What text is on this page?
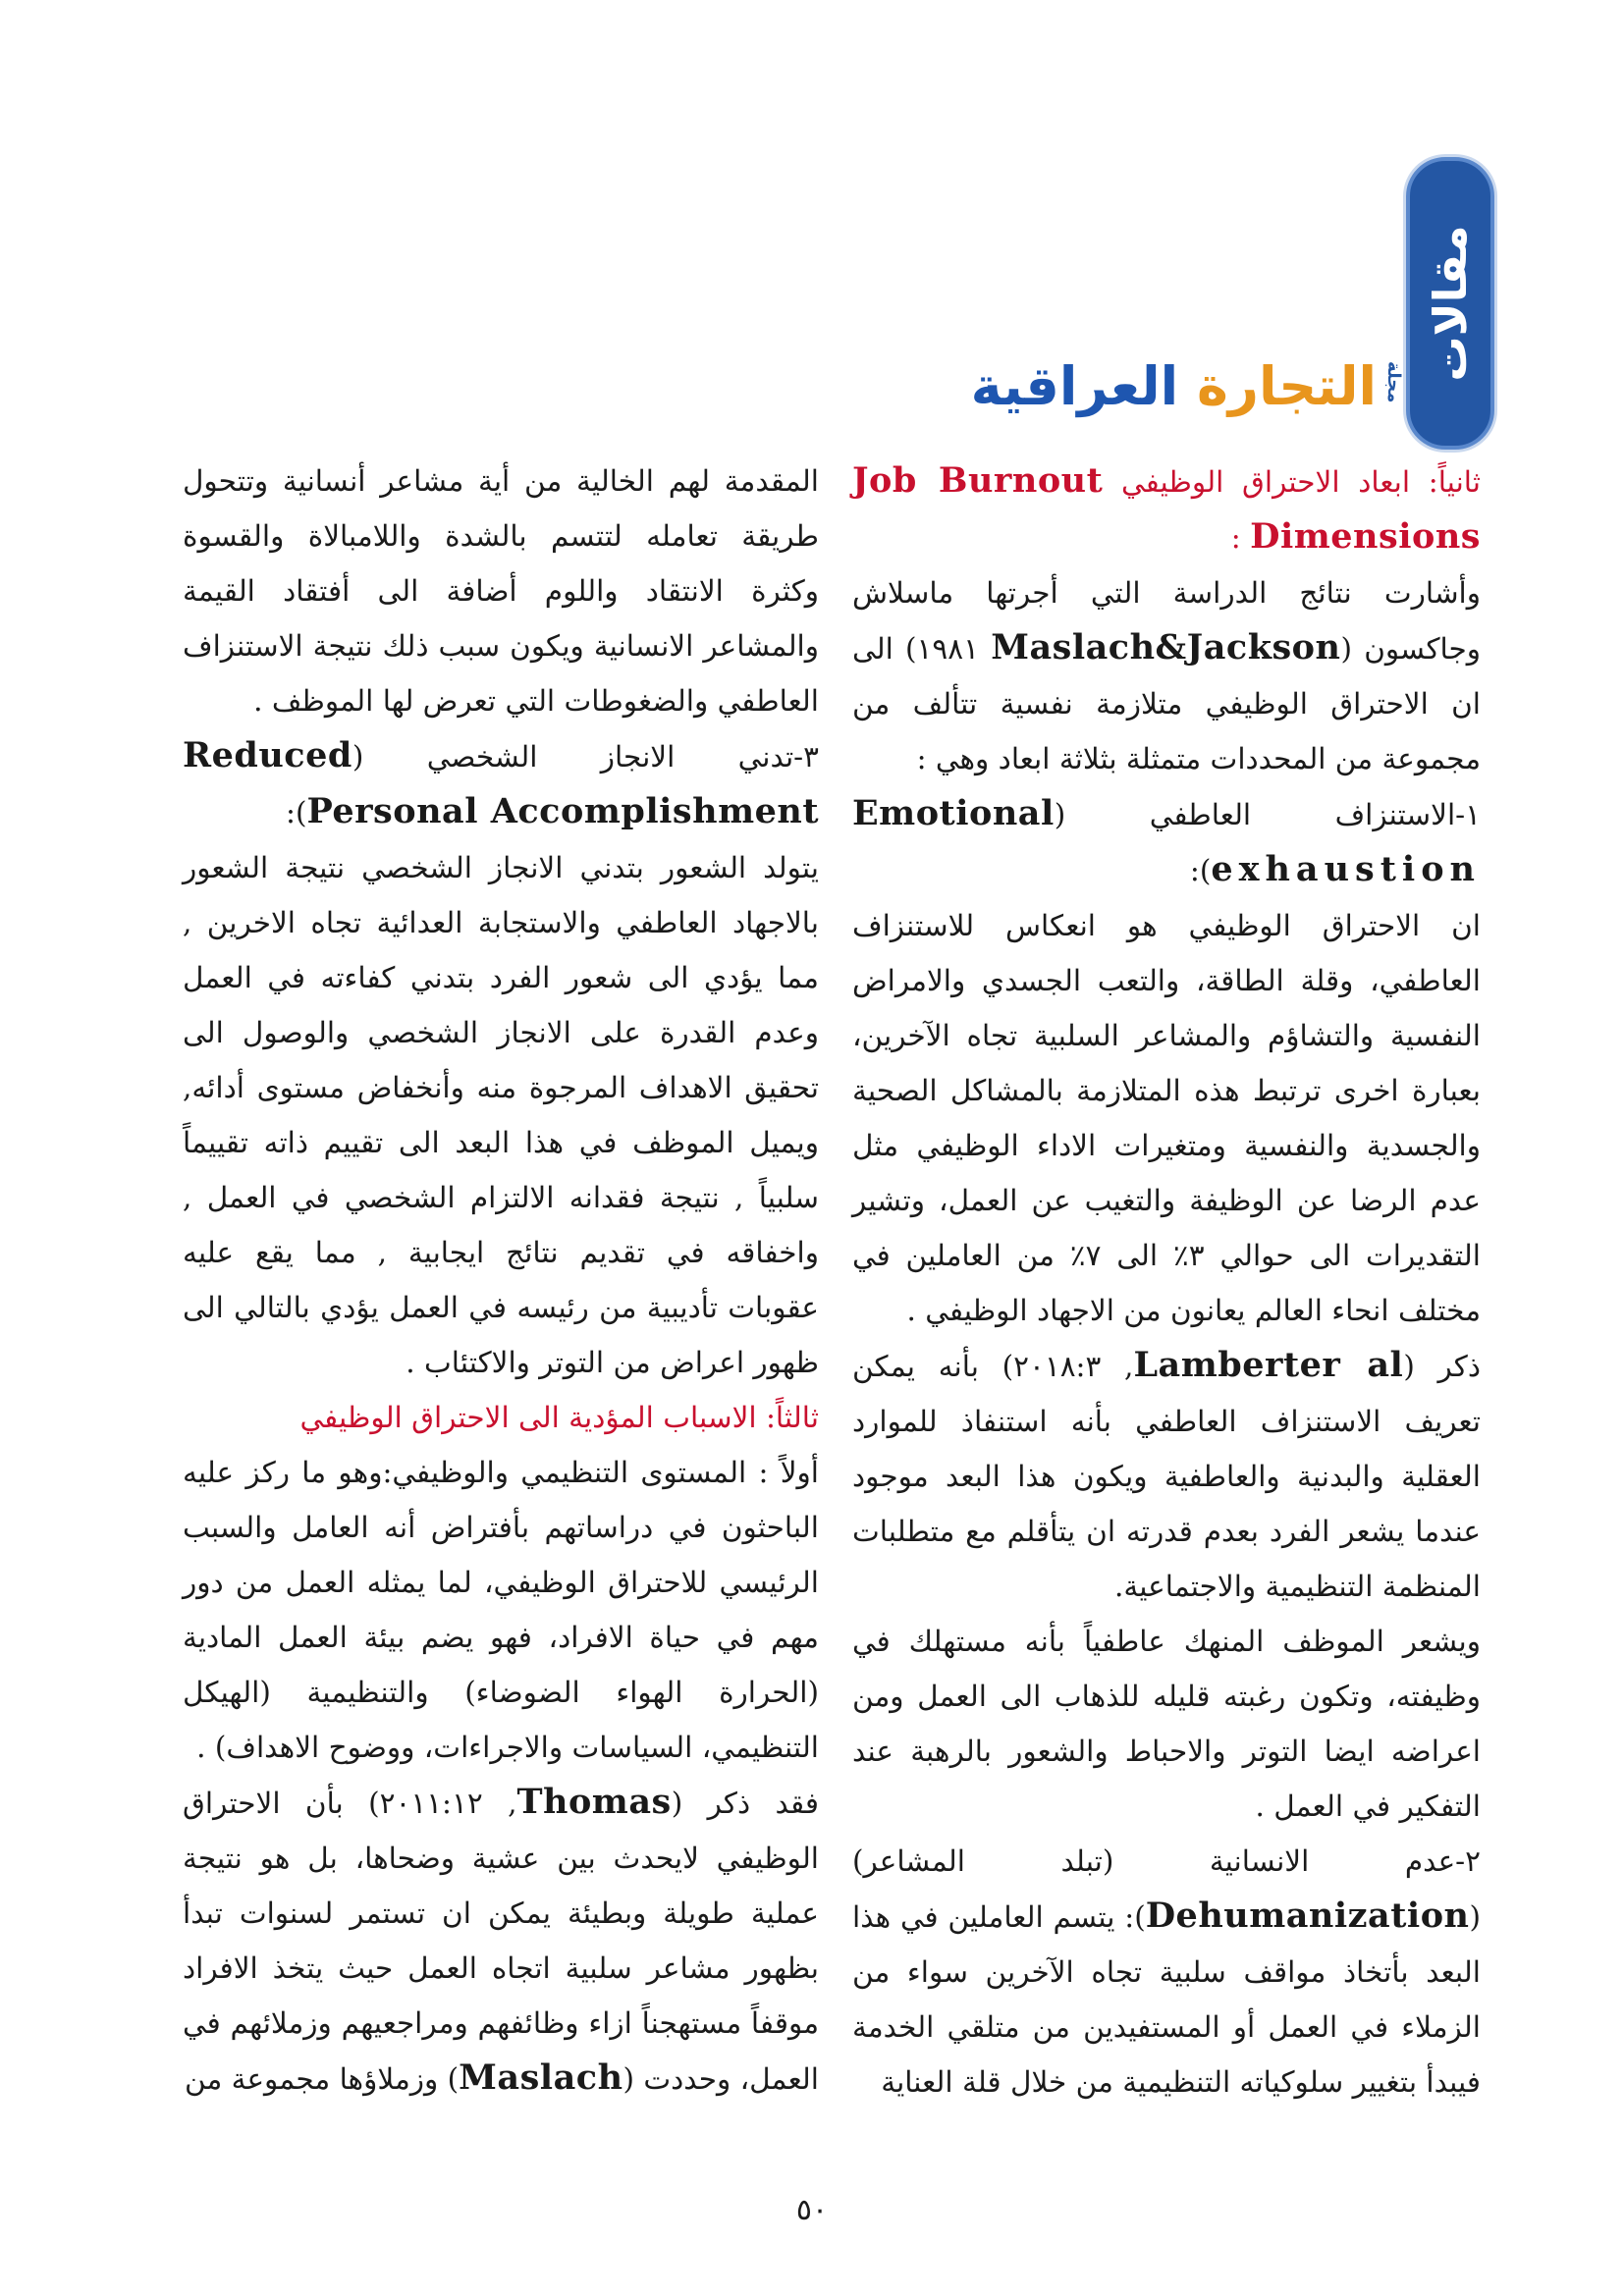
مقالات
مجلة
التجارة العراقية

ثانياً: ابعاد الاحتراق الوظيفي Job Burnout Dimensions :

وأشارت نتائج الدراسة التي أجرتها ماسلاش وجاكسون (Maslach&Jackson ١٩٨١) الى ان الاحتراق الوظيفي متلازمة نفسية تتألف من مجموعة من المحددات متمثلة بثلاثة ابعاد وهي :

١-الاستنزاف العاطفي (Emotional exhaustion):

ان الاحتراق الوظيفي هو انعكاس للاستنزاف العاطفي، وقلة الطاقة، والتعب الجسدي والامراض النفسية والتشاؤم والمشاعر السلبية تجاه الآخرين، بعبارة اخرى ترتبط هذه المتلازمة بالمشاكل الصحية والجسدية والنفسية ومتغيرات الاداء الوظيفي مثل عدم الرضا عن الوظيفة والتغيب عن العمل، وتشير التقديرات الى حوالي ٣٪ الى ٧٪ من العاملين في مختلف انحاء العالم يعانون من الاجهاد الوظيفي .

ذكر (Lamberter al, ٢٠١٨:٣) بأنه يمكن تعريف الاستنزاف العاطفي بأنه استنفاذ للموارد العقلية والبدنية والعاطفية ويكون هذا البعد موجود عندما يشعر الفرد بعدم قدرته ان يتأقلم مع متطلبات المنظمة التنظيمية والاجتماعية.

ويشعر الموظف المنهك عاطفياً بأنه مستهلك في وظيفته، وتكون رغبته قليله للذهاب الى العمل ومن اعراضه ايضا التوتر والاحباط والشعور بالرهبة عند التفكير في العمل .

٢-عدم الانسانية (تبلد المشاعر) (Dehumanization): يتسم العاملين في هذا البعد بأتخاذ مواقف سلبية تجاه الآخرين سواء من الزملاء في العمل أو المستفيدين من متلقي الخدمة فيبدأ بتغيير سلوكياته التنظيمية من خلال قلة العناية

المقدمة لهم الخالية من أية مشاعر أنسانية وتتحول طريقة تعامله لتتسم بالشدة واللامبالاة والقسوة وكثرة الانتقاد واللوم أضافة الى أفتقاد القيمة والمشاعر الانسانية ويكون سبب ذلك نتيجة الاستنزاف العاطفي والضغوطات التي تعرض لها الموظف .

٣-تدني الانجاز الشخصي (Reduced Personal Accomplishment):

يتولد الشعور بتدني الانجاز الشخصي نتيجة الشعور بالاجهاد العاطفي والاستجابة العدائية تجاه الاخرين , مما يؤدي الى شعور الفرد بتدني كفاءته في العمل وعدم القدرة على الانجاز الشخصي والوصول الى تحقيق الاهداف المرجوة منه وأنخفاض مستوى أدائه, ويميل الموظف في هذا البعد الى تقييم ذاته تقييماً سلبياً , نتيجة فقدانه الالتزام الشخصي في العمل , واخفاقه في تقديم نتائج ايجابية , مما يقع عليه عقوبات تأديبية من رئيسه في العمل يؤدي بالتالي الى ظهور اعراض من التوتر والاكتئاب .

ثالثاً: الاسباب المؤدية الى الاحتراق الوظيفي

أولاً : المستوى التنظيمي والوظيفي:وهو ما ركز عليه الباحثون في دراساتهم بأفتراض أنه العامل والسبب الرئيسي للاحتراق الوظيفي، لما يمثله العمل من دور مهم في حياة الافراد، فهو يضم بيئة العمل المادية (الحرارة الهواء الضوضاء) والتنظيمية (الهيكل التنظيمي، السياسات والاجراءات، ووضوح الاهداف) .

فقد ذكر (Thomas, ٢٠١١:١٢) بأن الاحتراق الوظيفي لايحدث بين عشية وضحاها، بل هو نتيجة عملية طويلة وبطيئة يمكن ان تستمر لسنوات تبدأ بظهور مشاعر سلبية اتجاه العمل حيث يتخذ الافراد موقفاً مستهجناً ازاء وظائفهم ومراجعيهم وزملائهم في العمل، وحددت (Maslach) وزملاؤها مجموعة من

٥٠
